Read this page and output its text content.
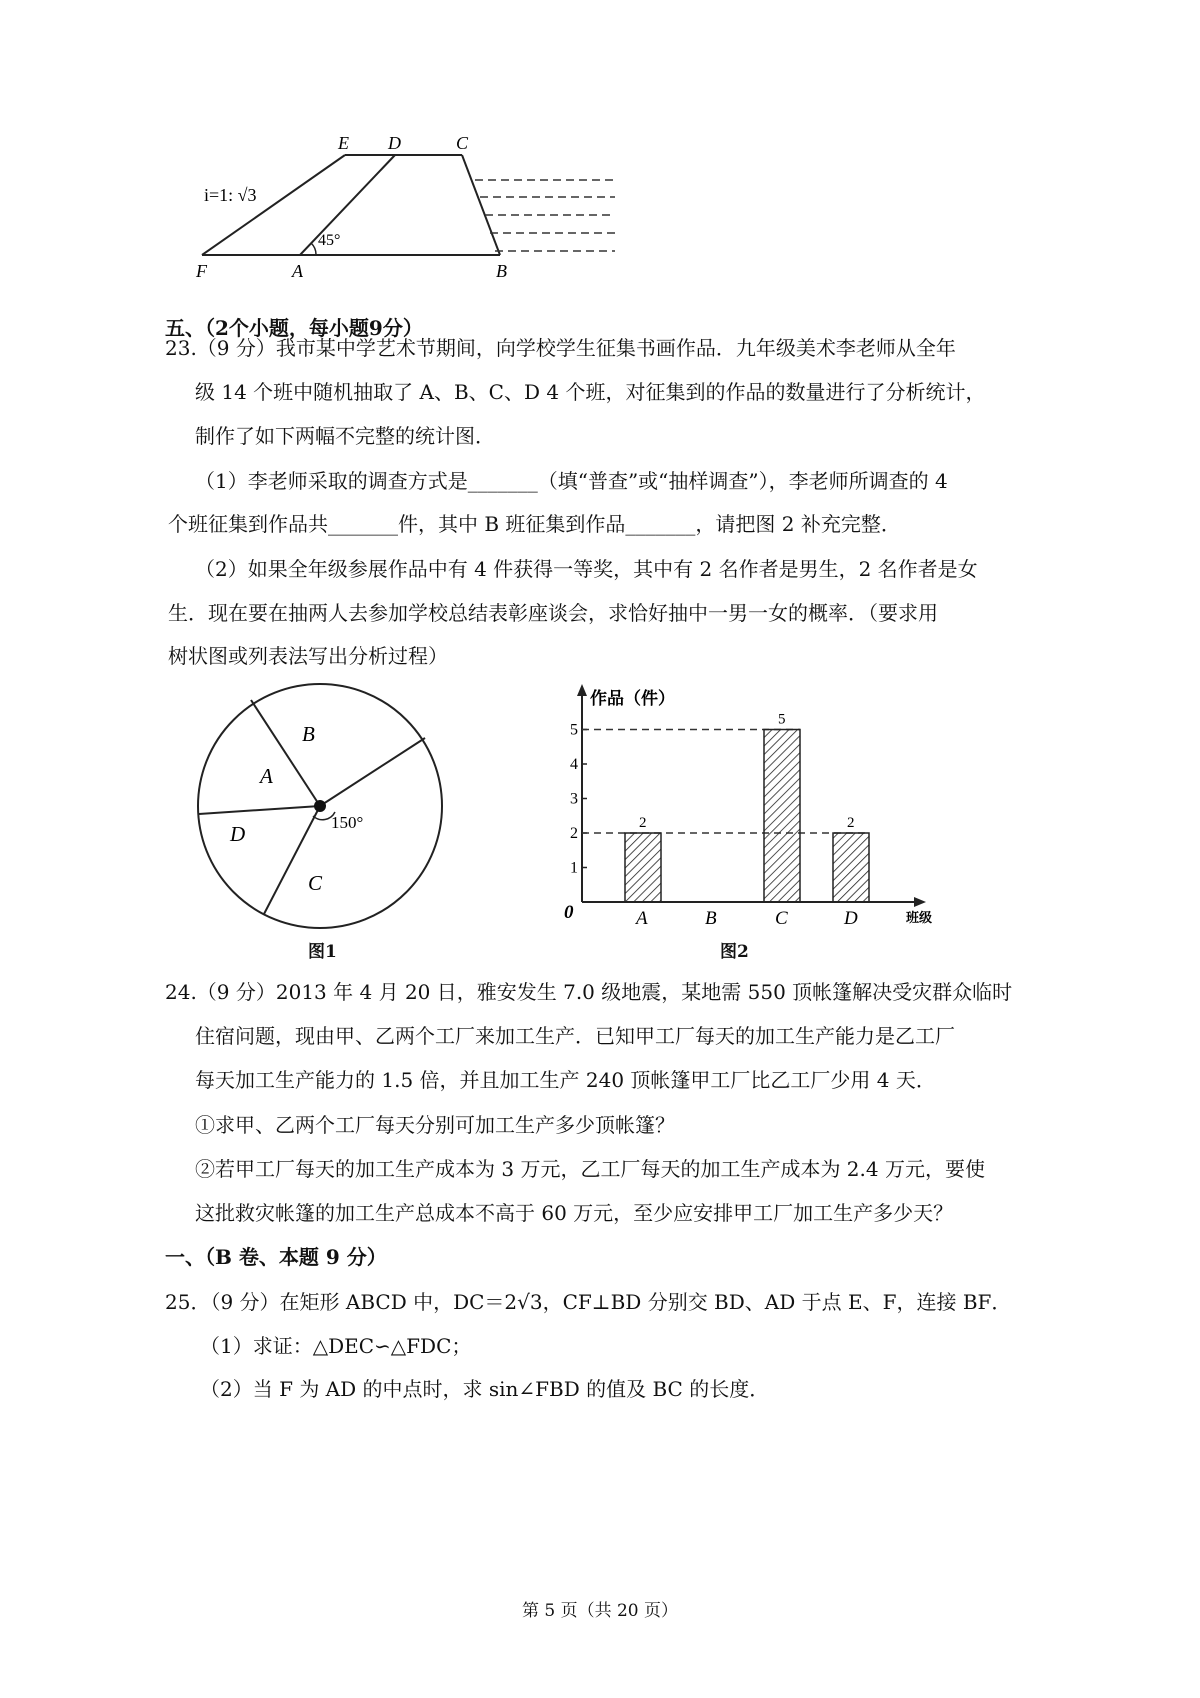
E D	C
F	A	B
i=1: √3
45°
五、（2个小题，每小题9分）
23.（9 分）我市某中学艺术节期间，向学校学生征集书画作品．九年级美术李老师从全年
级 14 个班中随机抽取了 A、B、C、D 4 个班，对征集到的作品的数量进行了分析统计，
制作了如下两幅不完整的统计图．
（1）李老师采取的调查方式是_______（填“普查”或“抽样调查”），李老师所调查的 4
个班征集到作品共_______件，其中 B 班征集到作品_______，请把图 2 补充完整．
（2）如果全年级参展作品中有 4 件获得一等奖，其中有 2 名作者是男生，2 名作者是女
生．现在要在抽两人去参加学校总结表彰座谈会，求恰好抽中一男一女的概率．（要求用
树状图或列表法写出分析过程）
B
A
D
C
150°
图1
作品（件）
班级
0
1
2
3
4
5
2
A	B
5
C
2
D
图2
24.（9 分）2013 年 4 月 20 日，雅安发生 7.0 级地震，某地需 550 顶帐篷解决受灾群众临时
住宿问题，现由甲、乙两个工厂来加工生产．已知甲工厂每天的加工生产能力是乙工厂
每天加工生产能力的 1.5 倍，并且加工生产 240 顶帐篷甲工厂比乙工厂少用 4 天．
①求甲、乙两个工厂每天分别可加工生产多少顶帐篷？
②若甲工厂每天的加工生产成本为 3 万元，乙工厂每天的加工生产成本为 2.4 万元，要使
这批救灾帐篷的加工生产总成本不高于 60 万元，至少应安排甲工厂加工生产多少天？
一、（B 卷、本题 9 分）
25．（9 分）在矩形 ABCD 中，DC＝2√3，CF⊥BD 分别交 BD、AD 于点 E、F，连接 BF．
（1）求证：△DEC∽△FDC；
（2）当 F 为 AD 的中点时，求 sin∠FBD 的值及 BC 的长度．
第 5 页（共 20 页）
